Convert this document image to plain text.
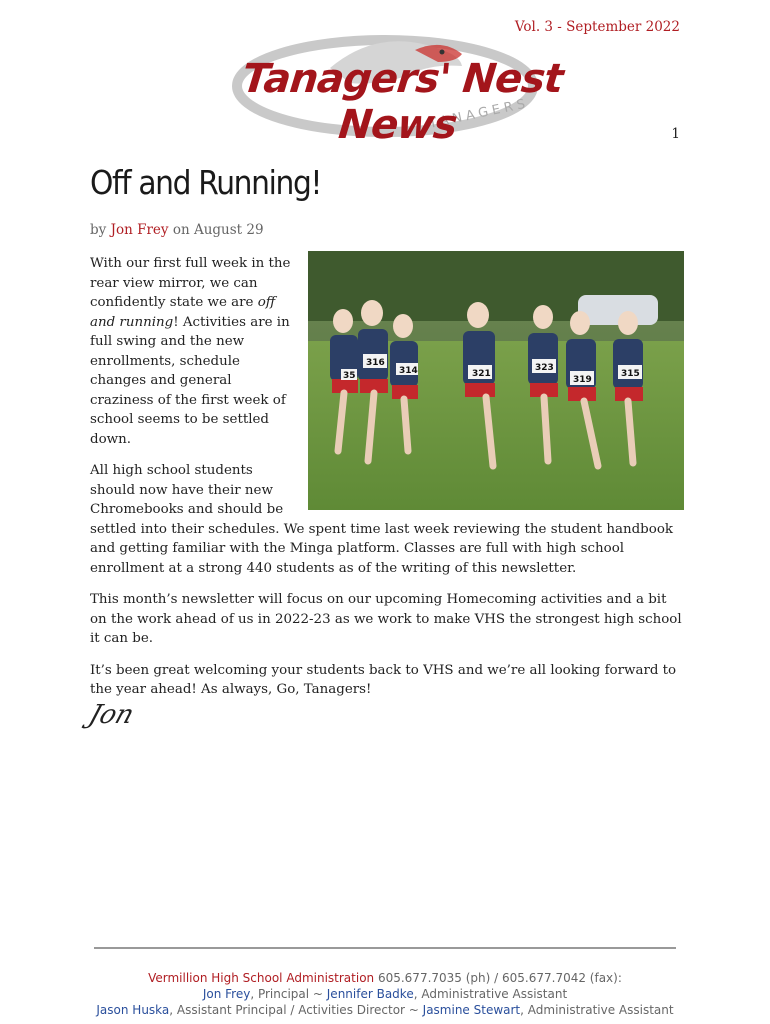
Vol. 3 - September 2022
TANAGERS
Tanagers' Nest News	1
Off and Running!
by Jon Frey on August 29
35
316
314	321
323
319
315

With our first full week in the rear view mirror, we can confidently state we are off and running! Activities are in full swing and the new enrollments, schedule changes and general craziness of the first week of school seems to be settled down.

All high school students should now have their new Chromebooks and should be settled into their schedules. We spent time last week reviewing the student handbook and getting familiar with the Minga platform. Classes are full with high school enrollment at a strong 440 students as of the writing of this newsletter.

This month’s newsletter will focus on our upcoming Homecoming activities and a bit on the work ahead of us in 2022-23 as we work to make VHS the strongest high school it can be.

It’s been great welcoming your students back to VHS and we’re all looking forward to the year ahead! As always, Go, Tanagers!

Jon
Vermillion High School Administration 605.677.7035 (ph) / 605.677.7042 (fax):
Jon Frey, Principal ~ Jennifer Badke, Administrative Assistant
Jason Huska, Assistant Principal / Activities Director ~ Jasmine Stewart, Administrative Assistant
